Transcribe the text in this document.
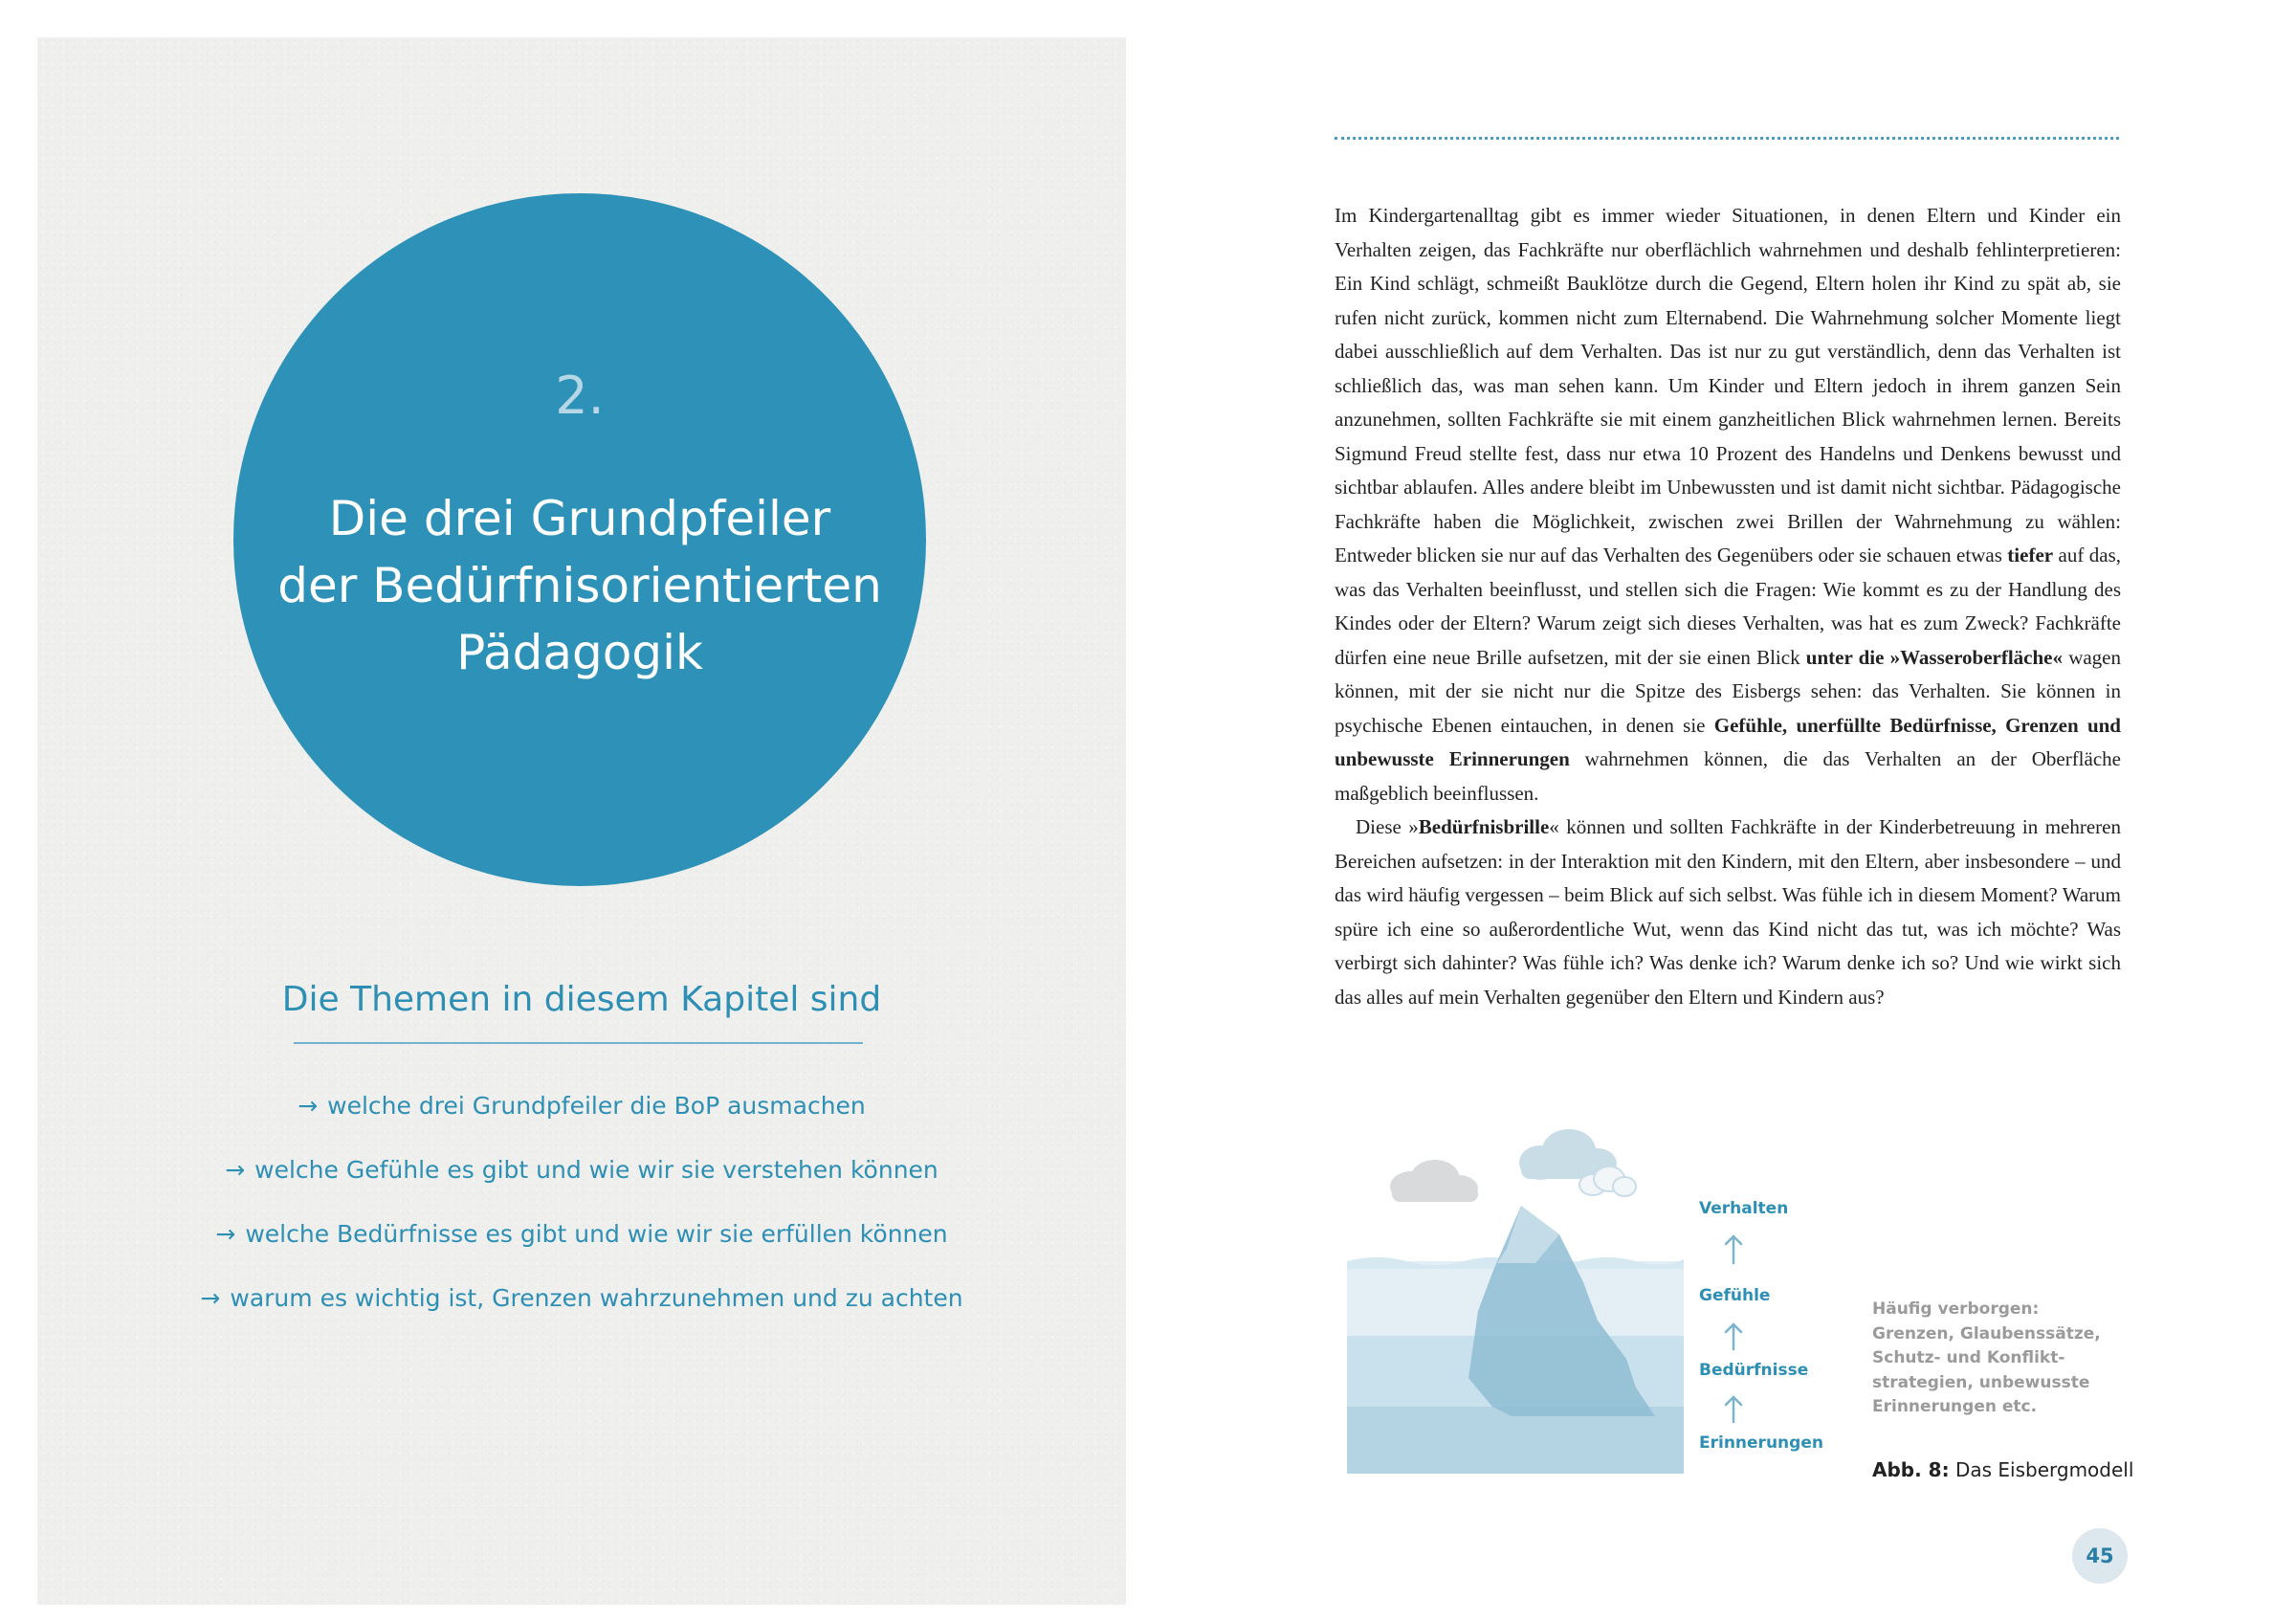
2.
Die drei Grundpfeiler
der Bedürfnisorientierten
Pädagogik
Die Themen in diesem Kapitel sind
→ welche drei Grundpfeiler die BoP ausmachen
→ welche Gefühle es gibt und wie wir sie verstehen können
→ welche Bedürfnisse es gibt und wie wir sie erfüllen können
→ warum es wichtig ist, Grenzen wahrzunehmen und zu achten

Im Kindergartenalltag gibt es immer wieder Situationen, in denen Eltern und Kinder ein Verhalten zeigen, das Fachkräfte nur oberflächlich wahrnehmen und deshalb fehlinterpretieren: Ein Kind schlägt, schmeißt Bauklötze durch die Gegend, Eltern holen ihr Kind zu spät ab, sie rufen nicht zurück, kommen nicht zum Elternabend. Die Wahrnehmung solcher Momente liegt dabei ausschließlich auf dem Verhalten. Das ist nur zu gut verständlich, denn das Verhalten ist schließlich das, was man sehen kann. Um Kinder und Eltern jedoch in ihrem ganzen Sein anzunehmen, sollten Fachkräfte sie mit einem ganzheitlichen Blick wahrnehmen lernen. Bereits Sigmund Freud stellte fest, dass nur etwa 10 Prozent des Handelns und Denkens bewusst und sichtbar ablaufen. Alles andere bleibt im Unbewussten und ist damit nicht sichtbar. Pädagogische Fachkräfte haben die Möglichkeit, zwischen zwei Brillen der Wahrnehmung zu wählen: Entweder blicken sie nur auf das Verhalten des Gegenübers oder sie schauen etwas tiefer auf das, was das Verhalten beeinflusst, und stellen sich die Fragen: Wie kommt es zu der Handlung des Kindes oder der Eltern? Warum zeigt sich dieses Verhalten, was hat es zum Zweck? Fachkräfte dürfen eine neue Brille aufsetzen, mit der sie einen Blick unter die »Wasseroberfläche« wagen können, mit der sie nicht nur die Spitze des Eisbergs sehen: das Verhalten. Sie können in psychische Ebenen eintauchen, in denen sie Gefühle, unerfüllte Bedürfnisse, Grenzen und unbewusste Erinnerungen wahrnehmen können, die das Verhalten an der Oberfläche maßgeblich beeinflussen.

Diese »Bedürfnisbrille« können und sollten Fachkräfte in der Kinderbetreuung in mehreren Bereichen aufsetzen: in der Interaktion mit den Kindern, mit den Eltern, aber insbesondere – und das wird häufig vergessen – beim Blick auf sich selbst. Was fühle ich in diesem Moment? Warum spüre ich eine so außerordentliche Wut, wenn das Kind nicht das tut, was ich möchte? Was verbirgt sich dahinter? Was fühle ich? Was denke ich? Warum denke ich so? Und wie wirkt sich das alles auf mein Verhalten gegenüber den Eltern und Kindern aus?

Verhalten
Gefühle
Bedürfnisse
Erinnerungen
Häufig verborgen:
Grenzen, Glaubenssätze,
Schutz- und Konflikt-
strategien, unbewusste
Erinnerungen etc.
Abb. 8: Das Eisbergmodell
45
